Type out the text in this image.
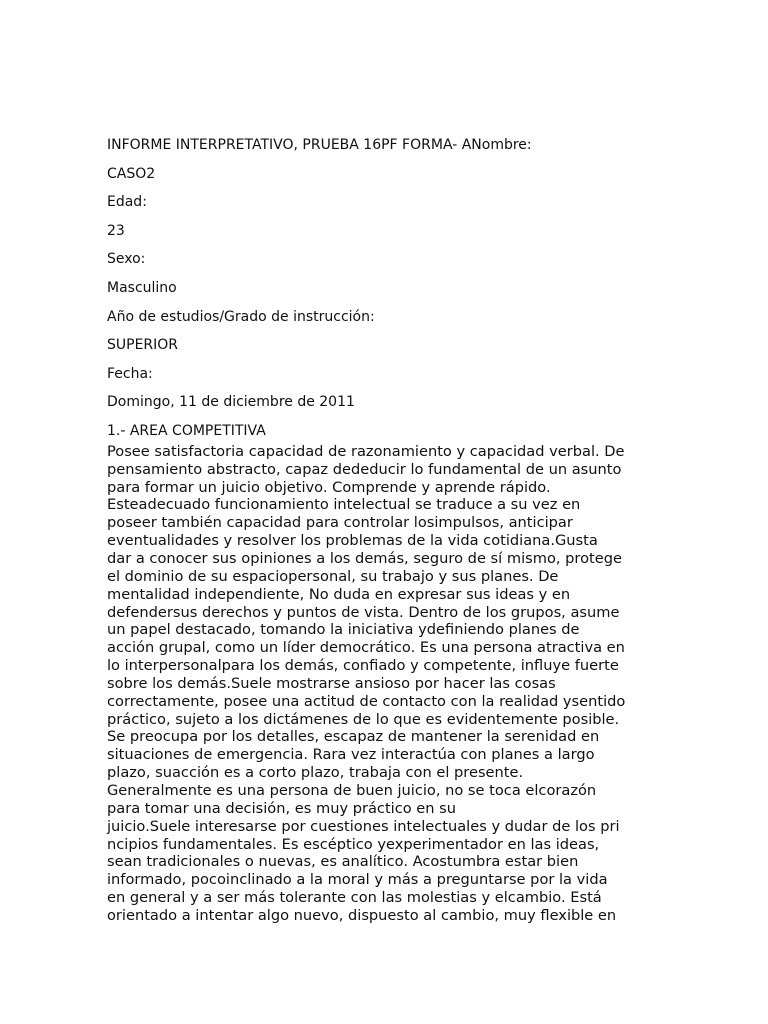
INFORME INTERPRETATIVO, PRUEBA 16PF FORMA- ANombre:

CASO2

Edad:

23

Sexo:

Masculino

Año de estudios/Grado de instrucción:

SUPERIOR

Fecha:

Domingo, 11 de diciembre de 2011

1.- AREA COMPETITIVA

Posee satisfactoria capacidad de razonamiento y capacidad verbal. De
pensamiento abstracto, capaz dededucir lo fundamental de un asunto
para formar un juicio objetivo. Comprende y aprende rápido.
Esteadecuado funcionamiento intelectual se traduce a su vez en
poseer también capacidad para controlar losimpulsos, anticipar
eventualidades y resolver los problemas de la vida cotidiana.Gusta
dar a conocer sus opiniones a los demás, seguro de sí mismo, protege
el dominio de su espaciopersonal, su trabajo y sus planes. De
mentalidad independiente, No duda en expresar sus ideas y en
defendersus derechos y puntos de vista. Dentro de los grupos, asume
un papel destacado, tomando la iniciativa ydefiniendo planes de
acción grupal, como un líder democrático. Es una persona atractiva en
lo interpersonalpara los demás, confiado y competente, influye fuerte
sobre los demás.Suele mostrarse ansioso por hacer las cosas
correctamente, posee una actitud de contacto con la realidad ysentido
práctico, sujeto a los dictámenes de lo que es evidentemente posible.
Se preocupa por los detalles, escapaz de mantener la serenidad en
situaciones de emergencia. Rara vez interactúa con planes a largo
plazo, suacción es a corto plazo, trabaja con el presente.
Generalmente es una persona de buen juicio, no se toca elcorazón
para tomar una decisión, es muy práctico en su
juicio.Suele interesarse por cuestiones intelectuales y dudar de los pri
ncipios fundamentales. Es escéptico yexperimentador en las ideas,
sean tradicionales o nuevas, es analítico. Acostumbra estar bien
informado, pocoinclinado a la moral y más a preguntarse por la vida
en general y a ser más tolerante con las molestias y elcambio. Está
orientado a intentar algo nuevo, dispuesto al cambio, muy flexible en
